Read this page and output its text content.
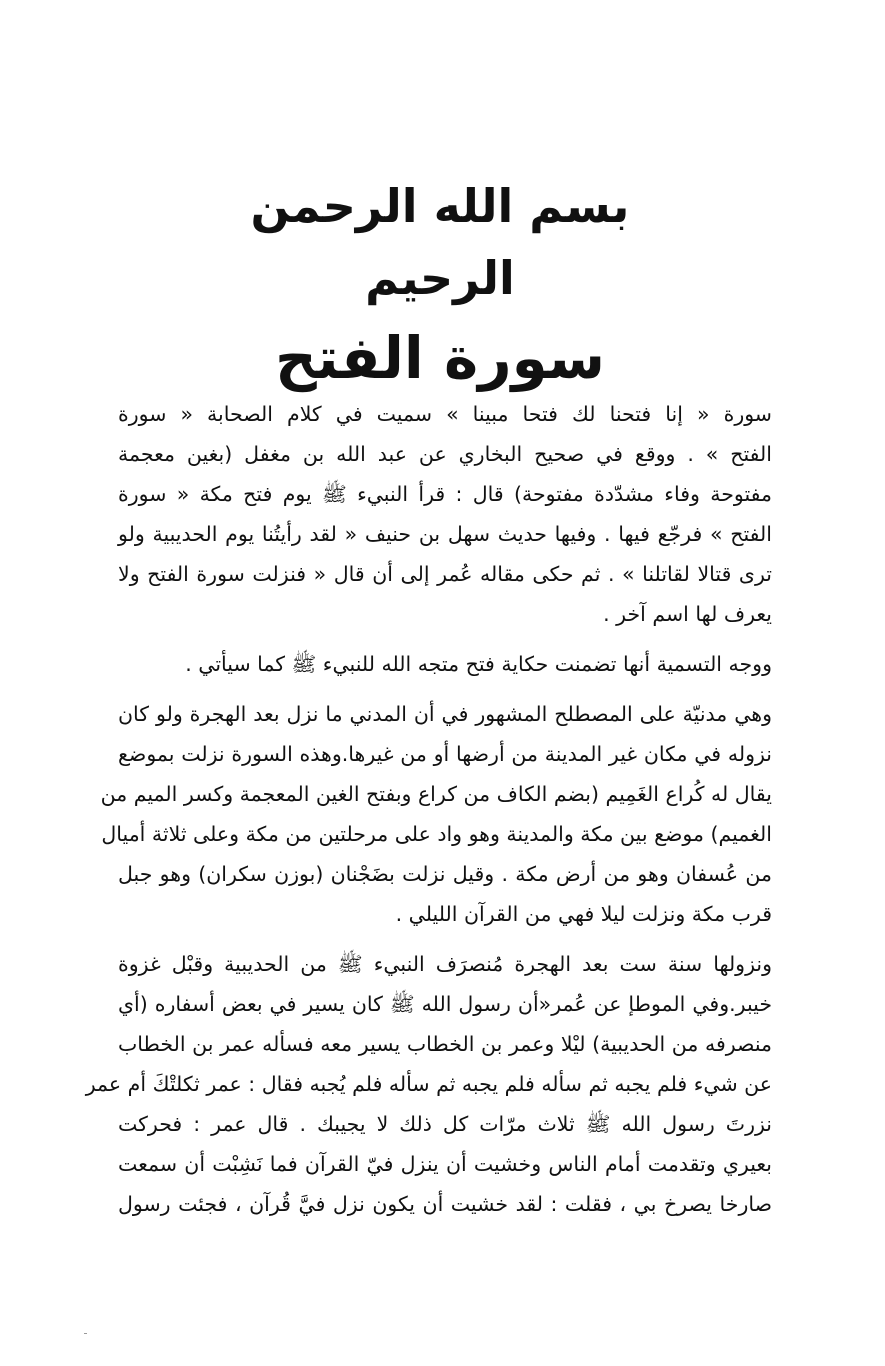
بسم الله الرحمن الرحيم
سورة الفتح

سورة « إنا فتحنا لك فتحا مبينا » سميت في كلام الصحابة « سورة
الفتح » . ووقع في صحيح البخاري عن عبد الله بن مغفل (بغين معجمة
مفتوحة وفاء مشدّدة مفتوحة) قال : قرأ النبيء ﷺ يوم فتح مكة « سورة
الفتح » فرجّع فيها . وفيها حديث سهل بن حنيف « لقد رأيتُنا يوم الحديبية ولو
ترى قتالا لقاتلنا » . ثم حكى مقاله عُمر إلى أن قال « فنزلت سورة الفتح ولا
يعرف لها اسم آخر .

ووجه التسمية أنها تضمنت حكاية فتح متجه الله للنبيء ﷺ كما سيأتي .

وهي مدنيّة على المصطلح المشهور في أن المدني ما نزل بعد الهجرة ولو كان
نزوله في مكان غير المدينة من أرضها أو من غيرها.وهذه السورة نزلت بموضع
يقال له كُراع الغَمِيم (بضم الكاف من كراع وبفتح الغين المعجمة وكسر الميم من
الغميم) موضع بين مكة والمدينة وهو واد على مرحلتين من مكة وعلى ثلاثة أميال
من عُسفان وهو من أرض مكة . وقيل نزلت بضَجْنان (بوزن سكران) وهو جبل
قرب مكة ونزلت ليلا فهي من القرآن الليلي .

ونزولها سنة ست بعد الهجرة مُنصرَف النبيء ﷺ من الحديبية وقبْل غزوة
خيبر.وفي الموطإ عن عُمر«أن رسول الله ﷺ كان يسير في بعض أسفاره (أي
منصرفه من الحديبية) ليْلا وعمر بن الخطاب يسير معه فسأله عمر بن الخطاب
عن شيء فلم يجبه ثم سأله فلم يجبه ثم سأله فلم يُجبه فقال : عمر ثكلتْكَ أم عمر
نزرتَ رسول الله ﷺ ثلاث مرّات كل ذلك لا يجيبك . قال عمر : فحركت
بعيري وتقدمت أمام الناس وخشيت أن ينزل فيّ القرآن فما نَشِبْت أن سمعت
صارخا يصرخ بي ، فقلت : لقد خشيت أن يكون نزل فيَّ قُرآن ، فجئت رسول
